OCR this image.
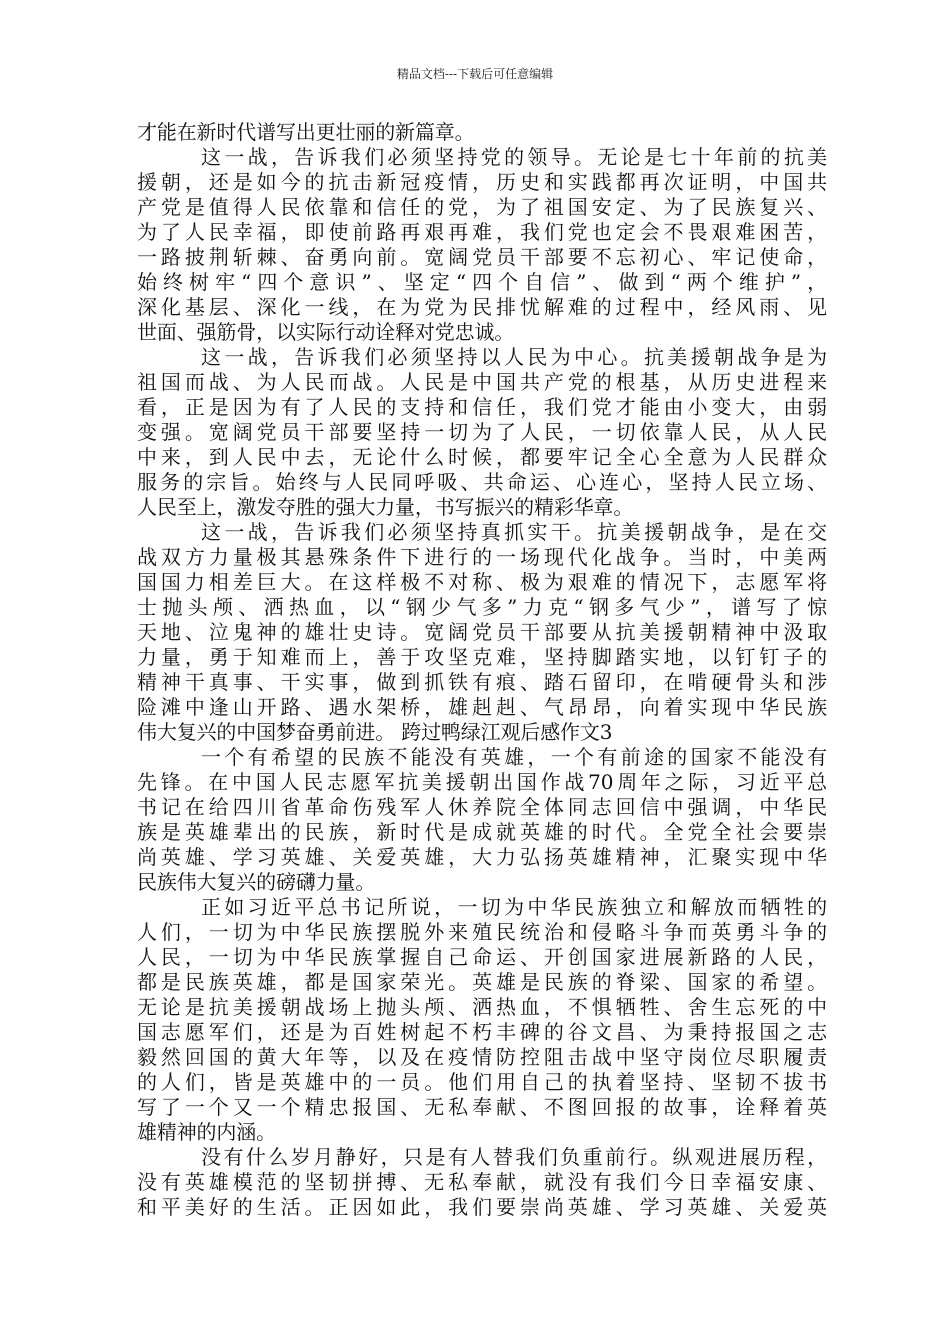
精品文档---下载后可任意编辑
才能在新时代谱写出更壮丽的新篇章。
这一战，告诉我们必须坚持党的领导。无论是七十年前的抗美
援朝，还是如今的抗击新冠疫情，历史和实践都再次证明，中国共
产党是值得人民依靠和信任的党，为了祖国安定、为了民族复兴、
为了人民幸福，即使前路再艰再难，我们党也定会不畏艰难困苦，
一路披荆斩棘、奋勇向前。宽阔党员干部要不忘初心、牢记使命，
始终树牢“四个意识”、坚定“四个自信”、做到“两个维护”，
深化基层、深化一线，在为党为民排忧解难的过程中，经风雨、见
世面、强筋骨，以实际行动诠释对党忠诚。
这一战，告诉我们必须坚持以人民为中心。抗美援朝战争是为
祖国而战、为人民而战。人民是中国共产党的根基，从历史进程来
看，正是因为有了人民的支持和信任，我们党才能由小变大，由弱
变强。宽阔党员干部要坚持一切为了人民，一切依靠人民，从人民
中来，到人民中去，无论什么时候，都要牢记全心全意为人民群众
服务的宗旨。始终与人民同呼吸、共命运、心连心，坚持人民立场、
人民至上，激发夺胜的强大力量，书写振兴的精彩华章。
这一战，告诉我们必须坚持真抓实干。抗美援朝战争，是在交
战双方力量极其悬殊条件下进行的一场现代化战争。当时，中美两
国国力相差巨大。在这样极不对称、极为艰难的情况下，志愿军将
士抛头颅、洒热血，以“钢少气多”力克“钢多气少”，谱写了惊
天地、泣鬼神的雄壮史诗。宽阔党员干部要从抗美援朝精神中汲取
力量，勇于知难而上，善于攻坚克难，坚持脚踏实地，以钉钉子的
精神干真事、干实事，做到抓铁有痕、踏石留印，在啃硬骨头和涉
险滩中逢山开路、遇水架桥，雄赳赳、气昂昂，向着实现中华民族
伟大复兴的中国梦奋勇前进。 跨过鸭绿江观后感作文3
一个有希望的民族不能没有英雄，一个有前途的国家不能没有
先锋。在中国人民志愿军抗美援朝出国作战70周年之际，习近平总
书记在给四川省革命伤残军人休养院全体同志回信中强调，中华民
族是英雄辈出的民族，新时代是成就英雄的时代。全党全社会要崇
尚英雄、学习英雄、关爱英雄，大力弘扬英雄精神，汇聚实现中华
民族伟大复兴的磅礴力量。
正如习近平总书记所说，一切为中华民族独立和解放而牺牲的
人们，一切为中华民族摆脱外来殖民统治和侵略斗争而英勇斗争的
人民，一切为中华民族掌握自己命运、开创国家进展新路的人民，
都是民族英雄，都是国家荣光。英雄是民族的脊梁、国家的希望。
无论是抗美援朝战场上抛头颅、洒热血，不惧牺牲、舍生忘死的中
国志愿军们，还是为百姓树起不朽丰碑的谷文昌、为秉持报国之志
毅然回国的黄大年等，以及在疫情防控阻击战中坚守岗位尽职履责
的人们，皆是英雄中的一员。他们用自己的执着坚持、坚韧不拔书
写了一个又一个精忠报国、无私奉献、不图回报的故事，诠释着英
雄精神的内涵。
没有什么岁月静好，只是有人替我们负重前行。纵观进展历程，
没有英雄模范的坚韧拼搏、无私奉献，就没有我们今日幸福安康、
和平美好的生活。正因如此，我们要崇尚英雄、学习英雄、关爱英
